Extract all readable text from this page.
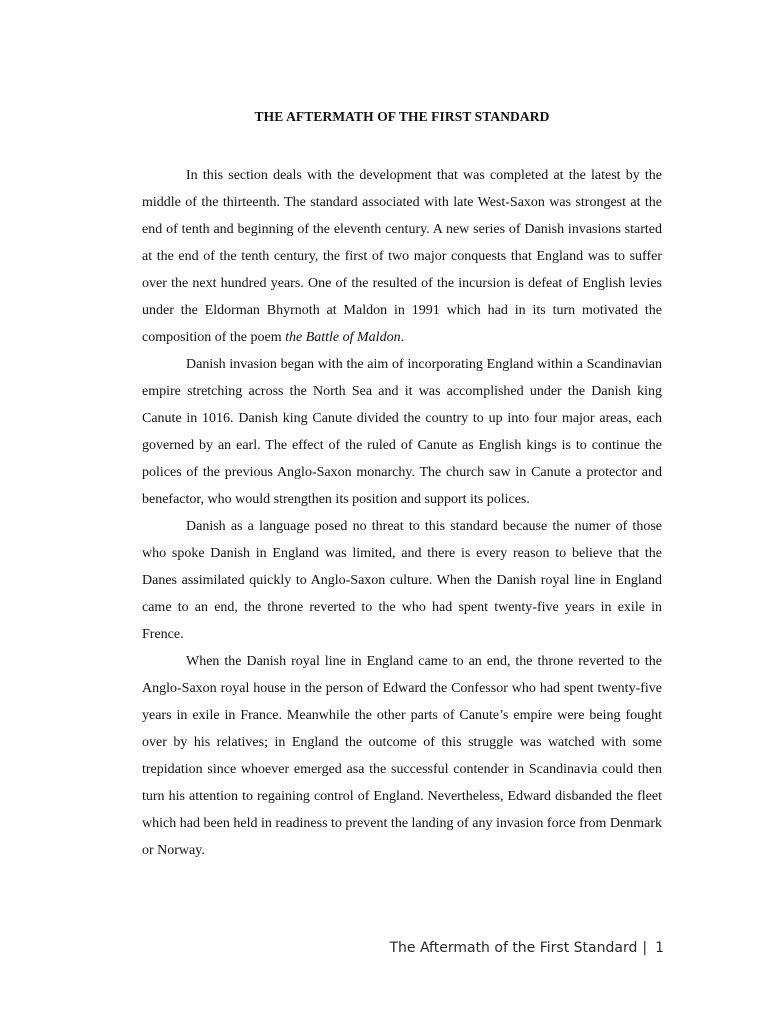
THE AFTERMATH OF THE FIRST STANDARD

In this section deals with the development that was completed at the latest by the middle of the thirteenth. The standard associated with late West-Saxon was strongest at the end of tenth and beginning of the eleventh century. A new series of Danish invasions started at the end of the tenth century, the first of two major conquests that England was to suffer over the next hundred years. One of the resulted of the incursion is defeat of English levies under the Eldorman Bhyrnoth at Maldon in 1991 which had in its turn motivated the composition of the poem the Battle of Maldon.

Danish invasion began with the aim of incorporating England within a Scandinavian empire stretching across the North Sea and it was accomplished under the Danish king Canute in 1016. Danish king Canute divided the country to up into four major areas, each governed by an earl. The effect of the ruled of Canute as English kings is to continue the polices of the previous Anglo-Saxon monarchy. The church saw in Canute a protector and benefactor, who would strengthen its position and support its polices.

Danish as a language posed no threat to this standard because the numer of those who spoke Danish in England was limited, and there is every reason to believe that the Danes assimilated quickly to Anglo-Saxon culture. When the Danish royal line in England came to an end, the throne reverted to the who had spent twenty-five years in exile in Frence.

When the Danish royal line in England came to an end, the throne reverted to the Anglo-Saxon royal house in the person of Edward the Confessor who had spent twenty-five years in exile in France. Meanwhile the other parts of Canute’s empire were being fought over by his relatives; in England the outcome of this struggle was watched with some trepidation since whoever emerged asa the successful contender in Scandinavia could then turn his attention to regaining control of England. Nevertheless, Edward disbanded the fleet which had been held in readiness to prevent the landing of any invasion force from Denmark or Norway.

The Aftermath of the First Standard | 1
